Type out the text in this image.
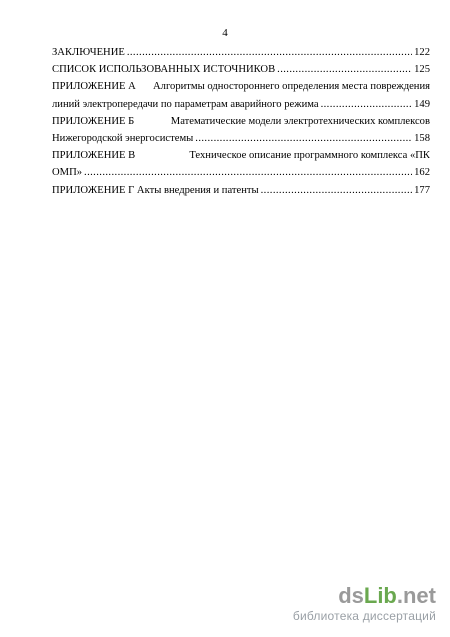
4
ЗАКЛЮЧЕНИЕ .....	122
СПИСОК ИСПОЛЬЗОВАННЫХ ИСТОЧНИКОВ .....	125
ПРИЛОЖЕНИЕ А Алгоритмы одностороннего определения места повреждения
линий электропередачи по параметрам аварийного режима .....	149
ПРИЛОЖЕНИЕ Б	Математические модели электротехнических комплексов
Нижегородской энергосистемы .....	158
ПРИЛОЖЕНИЕ В	Техническое описание программного комплекса «ПК
ОМП» .....	162
ПРИЛОЖЕНИЕ Г Акты внедрения и патенты .....	177
dsLib.net
библиотека диссертаций
